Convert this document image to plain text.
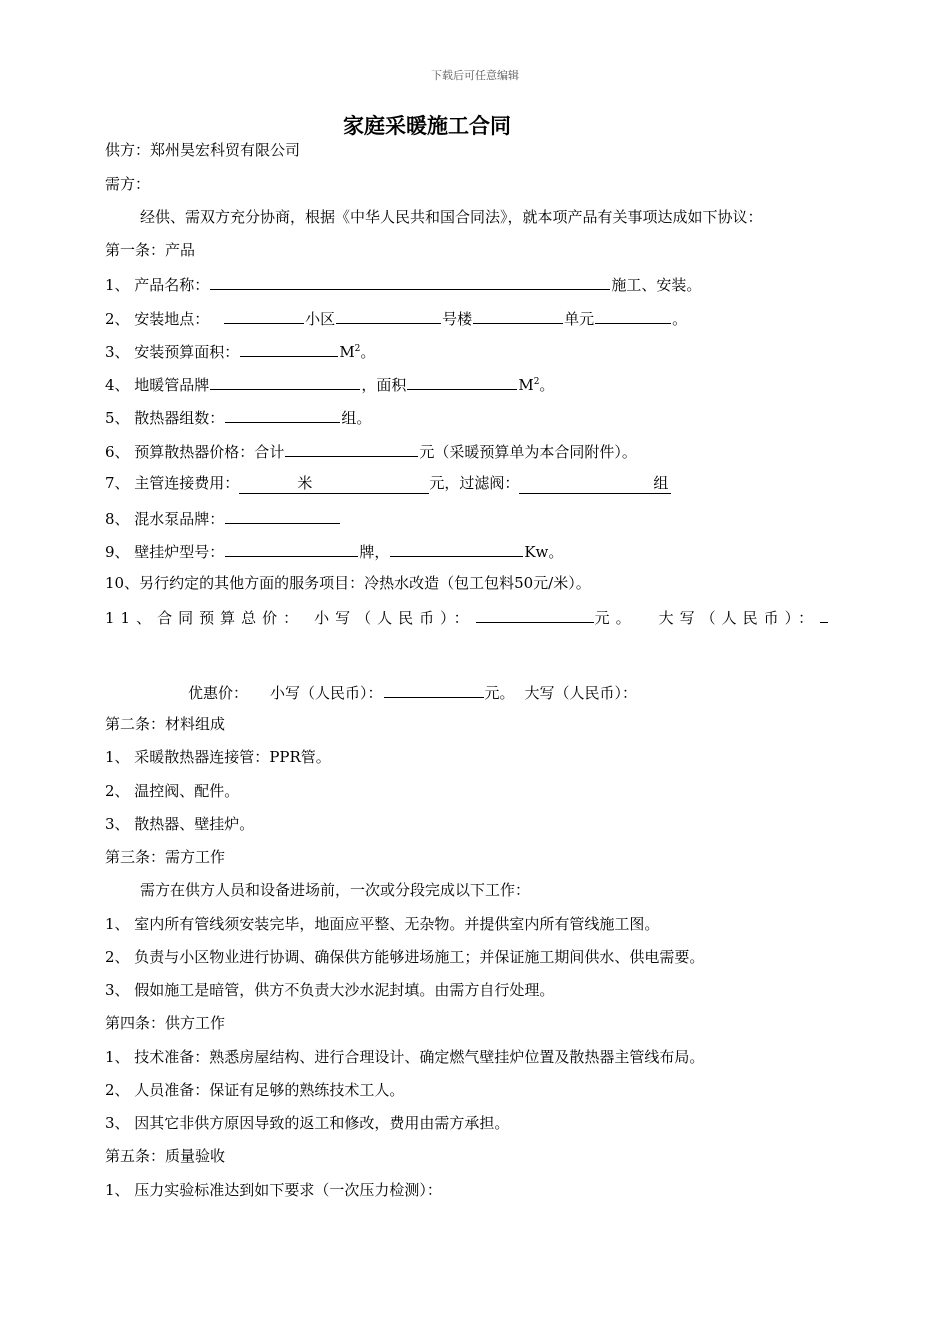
下载后可任意编辑
家庭采暖施工合同
供方：郑州昊宏科贸有限公司
需方：
经供、需双方充分协商，根据《中华人民共和国合同法》，就本项产品有关事项达成如下协议：
第一条：产品
1、 产品名称：	施工、安装。
2、 安装地点：	小区	号楼	单元	。
3、 安装预算面积：	$M^2$。
4、 地暖管品牌	，面积	$M^2$。
5、 散热器组数：	组。
6、 预算散热器价格：合计	元（采暖预算单为本合同附件）。
7、 主管连接费用：	米	元，过滤阀：	组
8、 混水泵品牌：
9、 壁挂炉型号：	牌，	Kw。
10、另行约定的其他方面的服务项目：冷热水改造（包工包料50元/米）。
11、合同预算总价： 小写（人民币）：	元。 大写（人民币）：
优惠价： 小写（人民币）：	元。 大写（人民币）：
第二条：材料组成
1、 采暖散热器连接管：PPR管。
2、 温控阀、配件。
3、 散热器、壁挂炉。
第三条：需方工作
需方在供方人员和设备进场前，一次或分段完成以下工作：
1、 室内所有管线须安装完毕，地面应平整、无杂物。并提供室内所有管线施工图。
2、 负责与小区物业进行协调、确保供方能够进场施工；并保证施工期间供水、供电需要。
3、 假如施工是暗管，供方不负责大沙水泥封填。由需方自行处理。
第四条：供方工作
1、 技术准备：熟悉房屋结构、进行合理设计、确定燃气壁挂炉位置及散热器主管线布局。
2、 人员准备：保证有足够的熟练技术工人。
3、 因其它非供方原因导致的返工和修改，费用由需方承担。
第五条：质量验收
1、 压力实验标准达到如下要求（一次压力检测）：
